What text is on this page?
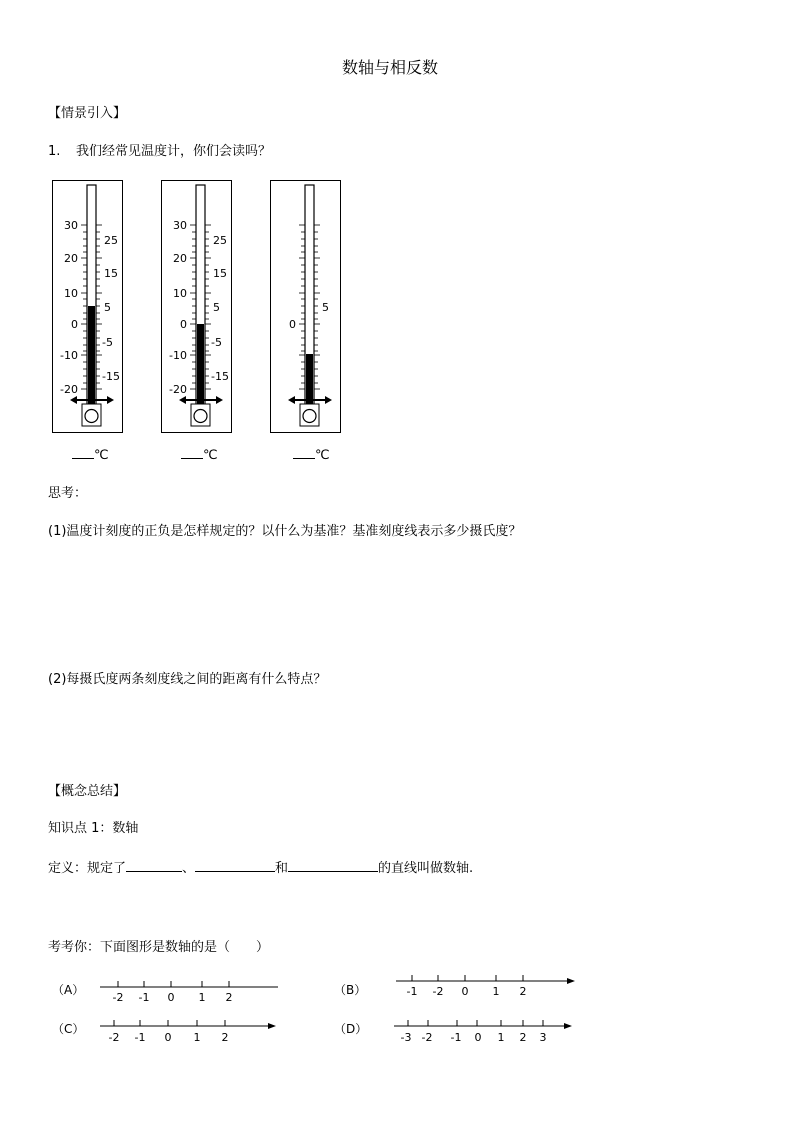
数轴与相反数
【情景引入】
1. 我们经常见温度计，你们会读吗？
30
20
10
0
-10
-20
25
15
5
-5
-15
30
20
10
0
-10
-20
25
15
5
-5
-15
0
5
℃	℃	℃
思考：
(1)温度计刻度的正负是怎样规定的？以什么为基准？基准刻度线表示多少摄氏度？
(2)每摄氏度两条刻度线之间的距离有什么特点？
【概念总结】
知识点 1：数轴
定义：规定了	、	和	的直线叫做数轴.
考考你：下面图形是数轴的是（　　）
（A）
-2 -1 0 1 2
（B）	-1 -2 0 1 2
（C）
-2 -1 0 1 2
（D）
-3 -2 -1 0 1 2 3
